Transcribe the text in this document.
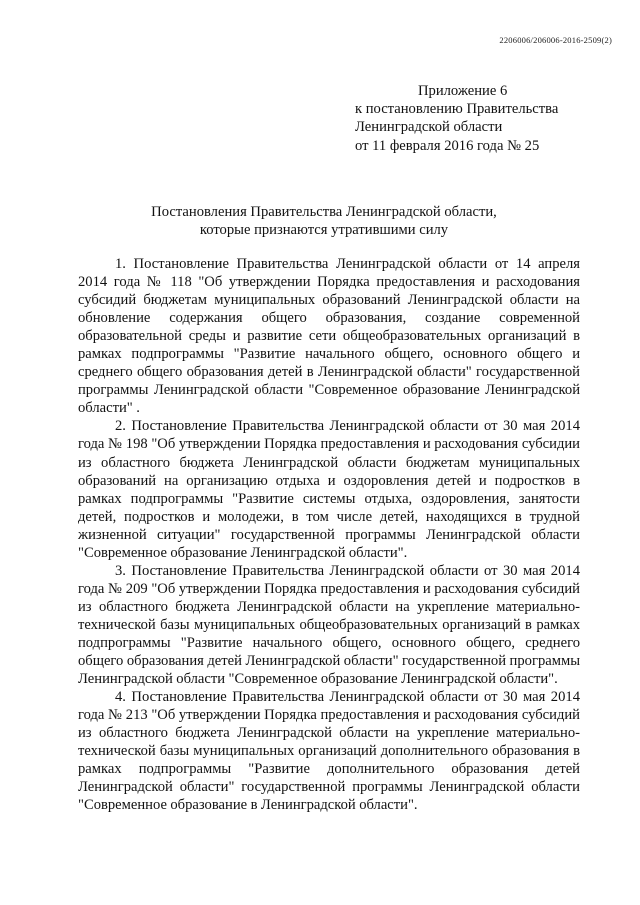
2206006/206006-2016-2509(2)
Приложение 6
к постановлению Правительства
Ленинградской области
от 11 февраля 2016 года № 25
Постановления Правительства Ленинградской области,
которые признаются утратившими силу

1. Постановление Правительства Ленинградской области от 14 апреля 2014 года № 118 "Об утверждении Порядка предоставления и расходования субсидий бюджетам муниципальных образований Ленинградской области на обновление содержания общего образования, создание современной образовательной среды и развитие сети общеобразовательных организаций в рамках подпрограммы "Развитие начального общего, основного общего и среднего общего образования детей в Ленинградской области" государственной программы Ленинградской области "Современное образование Ленинградской области" .

2. Постановление Правительства Ленинградской области от 30 мая 2014 года № 198 "Об утверждении Порядка предоставления и расходования субсидии из областного бюджета Ленинградской области бюджетам муниципальных образований на организацию отдыха и оздоровления детей и подростков в рамках подпрограммы "Развитие системы отдыха, оздоровления, занятости детей, подростков и молодежи, в том числе детей, находящихся в трудной жизненной ситуации" государственной программы Ленинградской области "Современное образование Ленинградской области".

3. Постановление Правительства Ленинградской области от 30 мая 2014 года № 209 "Об утверждении Порядка предоставления и расходования субсидий из областного бюджета Ленинградской области на укрепление материально-технической базы муниципальных общеобразовательных организаций в рамках подпрограммы "Развитие начального общего, основного общего, среднего общего образования детей Ленинградской области" государственной программы Ленинградской области "Современное образование Ленинградской области".

4. Постановление Правительства Ленинградской области от 30 мая 2014 года № 213 "Об утверждении Порядка предоставления и расходования субсидий из областного бюджета Ленинградской области на укрепление материально-технической базы муниципальных организаций дополнительного образования в рамках подпрограммы "Развитие дополнительного образования детей Ленинградской области" государственной программы Ленинградской области "Современное образование в Ленинградской области".
